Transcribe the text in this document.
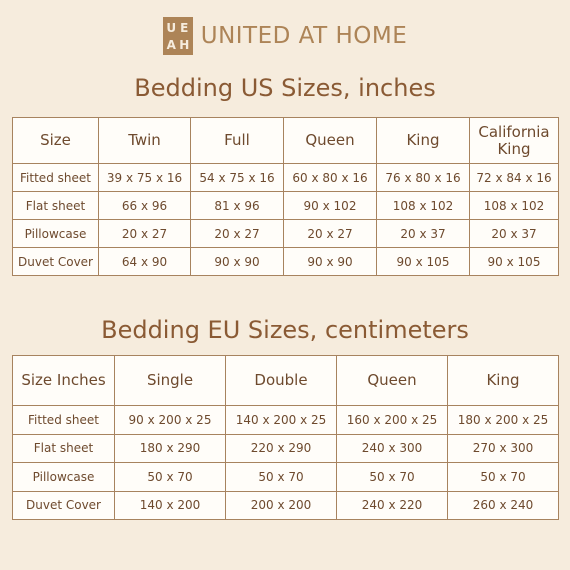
U E
A H UNITED AT HOME
Bedding US Sizes, inches
Size	Twin	Full	Queen	King	California King
Fitted sheet	39 x 75 x 16	54 x 75 x 16	60 x 80 x 16	76 x 80 x 16	72 x 84 x 16
Flat sheet	66 x 96	81 x 96	90 x 102	108 x 102	108 x 102
Pillowcase	20 x 27	20 x 27	20 x 27	20 x 37	20 x 37
Duvet Cover	64 x 90	90 x 90	90 x 90	90 x 105	90 x 105
Bedding EU Sizes, centimeters
Size Inches	Single	Double	Queen	King
Fitted sheet	90 x 200 x 25	140 x 200 x 25	160 x 200 x 25	180 x 200 x 25
Flat sheet	180 x 290	220 x 290	240 x 300	270 x 300
Pillowcase	50 x 70	50 x 70	50 x 70	50 x 70
Duvet Cover	140 x 200	200 x 200	240 x 220	260 x 240
